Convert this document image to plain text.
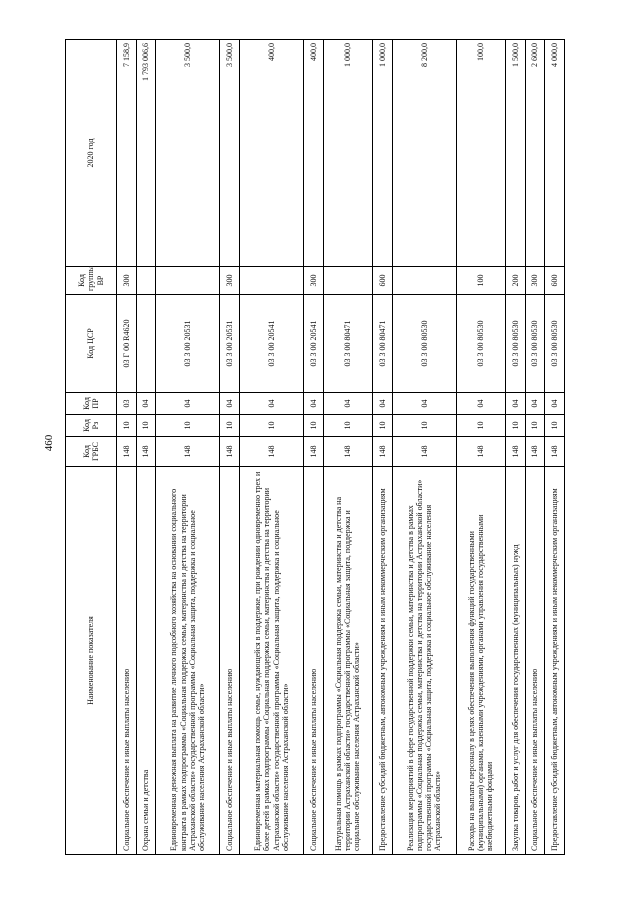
460
Наименование показателя	Код ГРБС	Код Рз	Код ПР	Код ЦСР	Код группы ВР	2020 год
Социальное обеспечение и иные выплаты населению	148	10	03	03 Г 00 R4620	300	7 158,9
Охрана семьи и детства	148	10	04			1 793 006,6
Единовременная денежная выплата на развитие личного подсобного хозяйства на основании социального контракта в рамках подпрограммы «Социальная поддержка семьи, материнства и детства на территории Астраханской области» государственной программы «Социальная защита, поддержка и социальное обслуживание населения Астраханской области»	148	10	04	03 3 00 20531		3 500,0
Социальное обеспечение и иные выплаты населению	148	10	04	03 3 00 20531	300	3 500,0
Единовременная материальная помощь семье, нуждающейся в поддержке, при рождении одновременно трех и более детей в рамках подпрограммы «Социальная поддержка семьи, материнства и детства на территории Астраханской области» государственной программы «Социальная защита, поддержка и социальное обслуживание населения Астраханской области»	148	10	04	03 3 00 20541		400,0
Социальное обеспечение и иные выплаты населению	148	10	04	03 3 00 20541	300	400,0
Натуральная помощь в рамках подпрограммы «Социальная поддержка семьи, материнства и детства на территории Астраханской области» государственной программы «Социальная защита, поддержка и социальное обслуживание населения Астраханской области»	148	10	04	03 3 00 80471		1 000,0
Предоставление субсидий бюджетным, автономным учреждениям и иным некоммерческим организациям	148	10	04	03 3 00 80471	600	1 000,0
Реализация мероприятий в сфере государственной поддержки семьи, материнства и детства в рамках подпрограммы «Социальная поддержка семьи, материнства и детства на территории Астраханской области» государственной программы «Социальная защита, поддержка и социальное обслуживание населения Астраханской области»	148	10	04	03 3 00 80530		8 200,0
Расходы на выплаты персоналу в целях обеспечения выполнения функций государственными (муниципальными) органами, казенными учреждениями, органами управления государственными внебюджетными фондами	148	10	04	03 3 00 80530	100	100,0
Закупка товаров, работ и услуг для обеспечения государственных (муниципальных) нужд	148	10	04	03 3 00 80530	200	1 500,0
Социальное обеспечение и иные выплаты населению	148	10	04	03 3 00 80530	300	2 600,0
Предоставление субсидий бюджетным, автономным учреждениям и иным некоммерческим организациям	148	10	04	03 3 00 80530	600	4 000,0
